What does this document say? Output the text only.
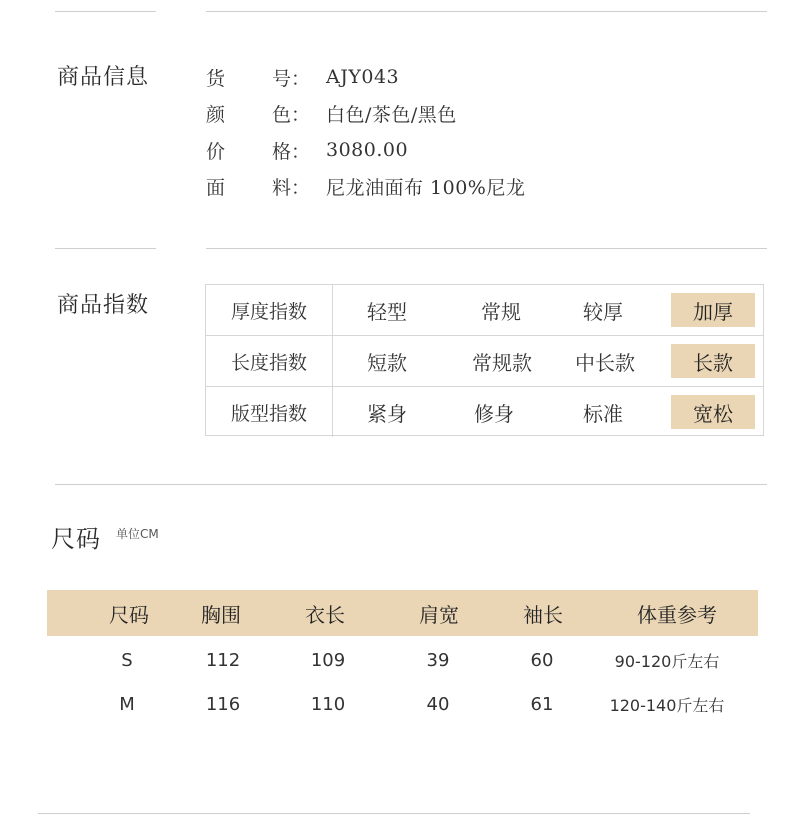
商品信息	货	号： AJY043
颜	色： 白色/茶色/黑色
价	格： 3080.00
面	料： 尼龙油面布 100%尼龙
商品指数	厚度指数	轻型	常规	较厚	加厚
长度指数	短款	常规款	中长款	长款
版型指数	紧身	修身	标准	宽松
尺码 单位CM
尺码	胸围	衣长	肩宽	袖长	体重参考
S	112	109	39	60	90-120斤左右
M	116	110	40	61	120-140斤左右
